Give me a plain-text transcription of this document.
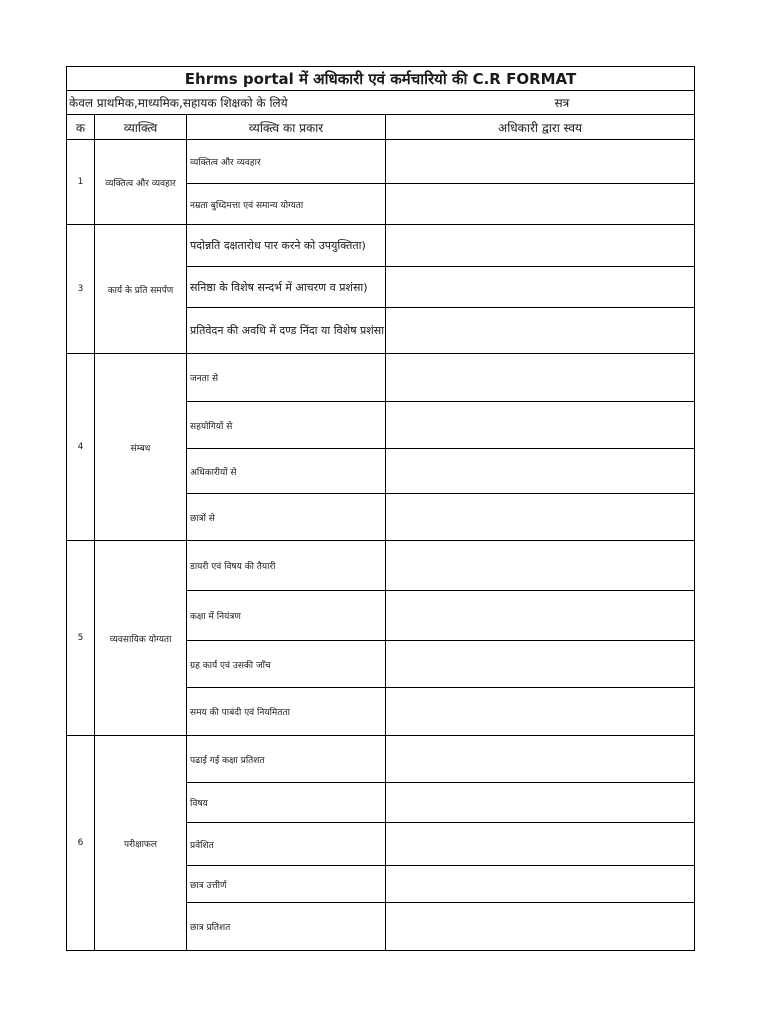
Ehrms portal में अधिकारी एवं कर्मचारियो की C.R FORMAT			
केवल प्राथमिक,माध्यमिक,सहायक शिक्षको के लिये सत्र			

क	व्याक्त्वि	व्यक्त्वि का प्रकार	अधिकारी द्वारा स्वय
1	व्यक्तित्व और व्यवहार	व्यक्तित्व और व्यवहार	
		नम्रता बुध्दिमत्ता एवं समान्य योग्यता	
3	कार्य के प्रति समर्पण	पदोन्नति दक्षतारोध पार करने को उपयुक्तिता)	
		सनिष्ठा के विशेष सन्दर्भ में आचरण व प्रशंसा)	
		प्रतिवेदन की अवधि में दण्ड निंदा या विशेष प्रशंसा	
4	संम्बध	जनता से	
		सहयोगियों से	
		अधिकारीयों से	
		छात्रों से	
5	व्यवसायिक योग्यता	डायरी एवं विषय की तैयारी	
		कक्षा में नियंत्रण	
		ग्रह कार्य एवं उसकी जाँच	
		समय की पाबंदी एवं नियमितता	
6	परीक्षाफल	पढाई गई कक्षा प्रतिशत	
		विषय	
		प्रवेशित	
		छात्र उत्तीर्ण	
		छात्र प्रतिशत	
